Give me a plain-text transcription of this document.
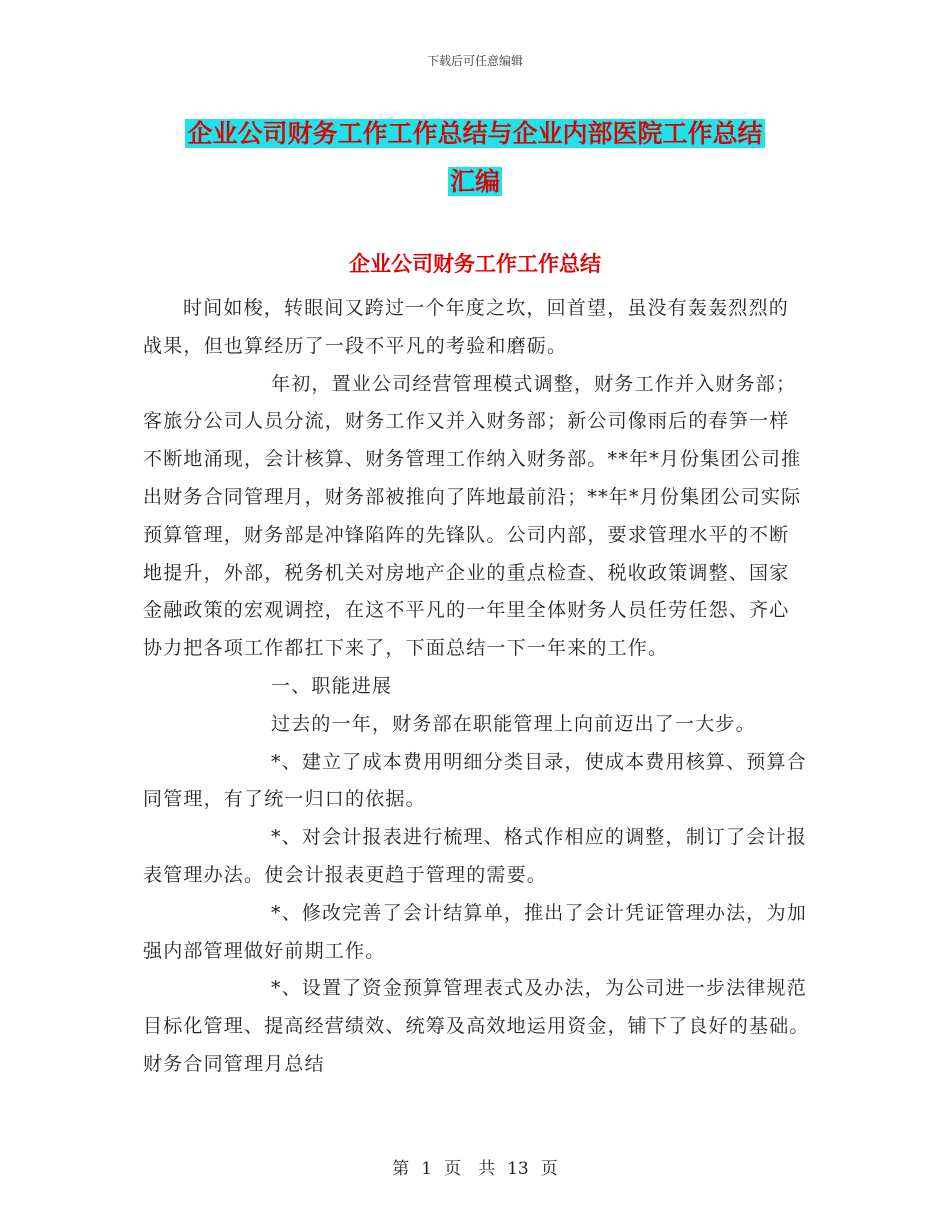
下载后可任意编辑
企业公司财务工作工作总结与企业内部医院工作总结
汇编
企业公司财务工作工作总结

时间如梭，转眼间又跨过一个年度之坎，回首望，虽没有轰轰烈烈的战果，但也算经历了一段不平凡的考验和磨砺。

年初，置业公司经营管理模式调整，财务工作并入财务部；客旅分公司人员分流，财务工作又并入财务部；新公司像雨后的春笋一样不断地涌现，会计核算、财务管理工作纳入财务部。**年*月份集团公司推出财务合同管理月，财务部被推向了阵地最前沿；**年*月份集团公司实际预算管理，财务部是冲锋陷阵的先锋队。公司内部，要求管理水平的不断地提升，外部，税务机关对房地产企业的重点检查、税收政策调整、国家金融政策的宏观调控，在这不平凡的一年里全体财务人员任劳任怨、齐心协力把各项工作都扛下来了，下面总结一下一年来的工作。

一、职能进展

过去的一年，财务部在职能管理上向前迈出了一大步。

*、建立了成本费用明细分类目录，使成本费用核算、预算合同管理，有了统一归口的依据。

*、对会计报表进行梳理、格式作相应的调整，制订了会计报表管理办法。使会计报表更趋于管理的需要。

*、修改完善了会计结算单，推出了会计凭证管理办法，为加强内部管理做好前期工作。

*、设置了资金预算管理表式及办法，为公司进一步法律规范目标化管理、提高经营绩效、统筹及高效地运用资金，铺下了良好的基础。　　　财务合同管理月总结

第 1 页　共 13 页
